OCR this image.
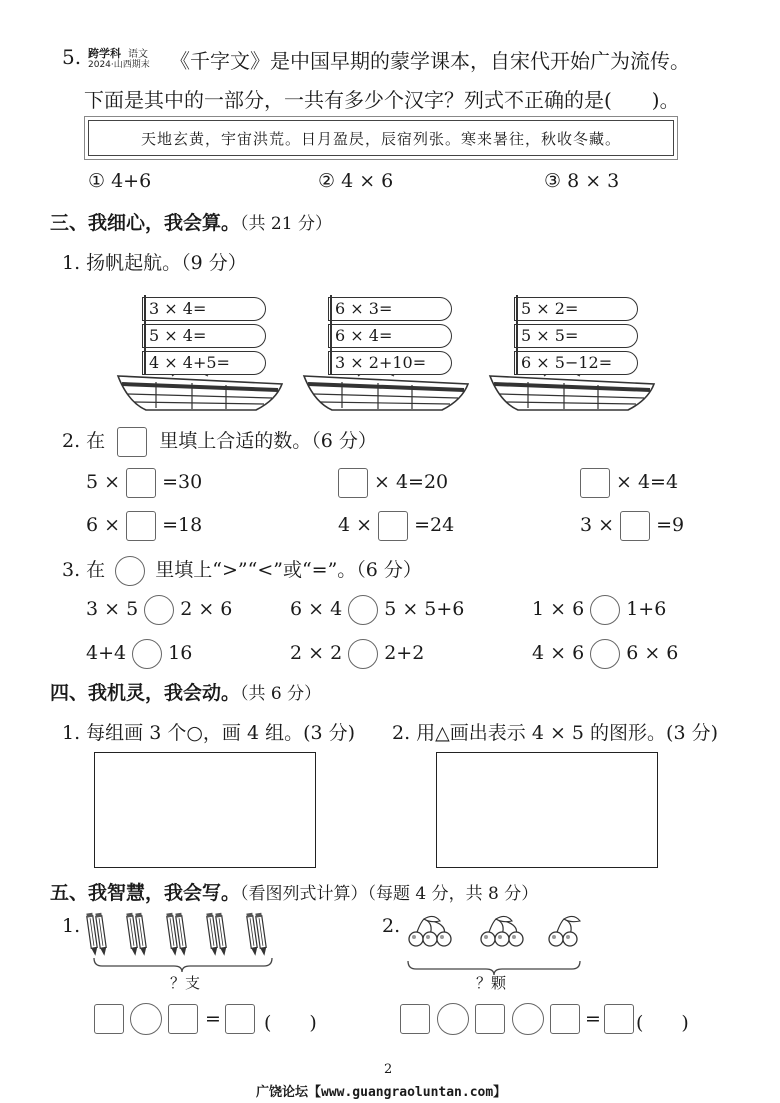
5. 跨学科 语文
2024·山西期末 《千字文》是中国早期的蒙学课本，自宋代开始广为流传。
下面是其中的一部分，一共有多少个汉字？列式不正确的是(　　)。
天地玄黄，宇宙洪荒。日月盈昃，辰宿列张。寒来暑往，秋收冬藏。
① 4+6	② 4 × 6	③ 8 × 3
三、我细心，我会算。（共 21 分）
1. 扬帆起航。（9 分）
3 × 4=
5 × 4=
4 × 4+5=
6 × 3=
6 × 4=
3 × 2+10=
5 × 2=
5 × 5=
6 × 5−12=
2. 在	里填上合适的数。（6 分）
5 × =30	× 4=20	× 4=4
6 × =18	4 × =24	3 × =9
3. 在	里填上“>”“<”或“=”。（6 分）
3 × 5 2 × 6	6 × 4 5 × 5+6	1 × 6 1+6
4+4 16	2 × 2 2+2	4 × 6 6 × 6
四、我机灵，我会动。（共 6 分）
1. 每组画 3 个○，画 4 组。(3 分) 2. 用△画出表示 4 × 5 的图形。(3 分)
五、我智慧，我会写。（看图列式计算）（每题 4 分，共 8 分）
1.
？支
2.
？颗
= (　　)	= (　　)
2
广饶论坛【www.guangraoluntan.com】
